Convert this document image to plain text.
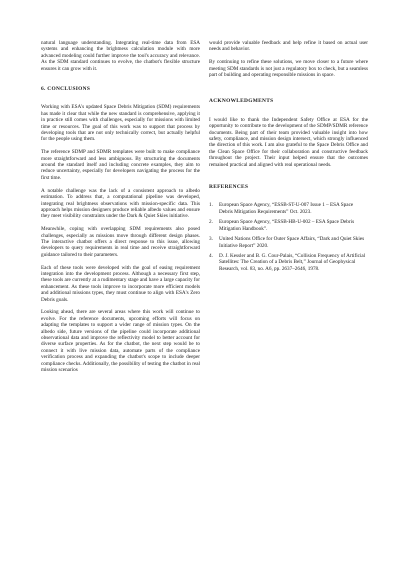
natural language understanding. Integrating real-time data from ESA systems and enhancing the brightness calculation module with more advanced modeling could further improve the tool's accuracy and relevance. As the SDM standard continues to evolve, the chatbot's flexible structure ensures it can grow with it.

6. CONCLUSIONS

Working with ESA's updated Space Debris Mitigation (SDM) requirements has made it clear that while the new standard is comprehensive, applying it in practice still comes with challenges, especially for missions with limited time or resources. The goal of this work was to support that process by developing tools that are not only technically correct, but actually helpful for the people using them.

The reference SDMP and SDMR templates were built to make compliance more straightforward and less ambiguous. By structuring the documents around the standard itself and including concrete examples, they aim to reduce uncertainty, especially for developers navigating the process for the first time.

A notable challenge was the lack of a consistent approach to albedo estimation. To address that, a computational pipeline was developed, integrating real brightness observations with mission-specific data. This approach helps mission designers produce reliable albedo values and ensure they meet visibility constraints under the Dark & Quiet Skies initiative.

Meanwhile, coping with overlapping SDM requirements also posed challenges, especially as missions move through different design phases. The interactive chatbot offers a direct response to this issue, allowing developers to query requirements in real time and receive straightforward guidance tailored to their parameters.

Each of these tools were developed with the goal of easing requirement integration into the development process. Although a necessary first step, these tools are currently at a rudimentary stage and have a large capacity for enhancement. As these tools improve to incorporate more efficient models and additional missions types, they must continue to align with ESA's Zero Debris goals.

Looking ahead, there are several areas where this work will continue to evolve. For the reference documents, upcoming efforts will focus on adapting the templates to support a wider range of mission types. On the albedo side, future versions of the pipeline could incorporate additional observational data and improve the reflectivity model to better account for diverse surface properties. As for the chatbot, the next step would be to connect it with live mission data, automate parts of the compliance verification process and expanding the chatbot's scope to include deeper compliance checks. Additionally, the possibility of testing the chatbot in real mission scenarios

would provide valuable feedback and help refine it based on actual user needs and behavior.

By continuing to refine these solutions, we move closer to a future where meeting SDM standards is not just a regulatory box to check, but a seamless part of building and operating responsible missions in space.

ACKNOWLEDGMENTS

I would like to thank the Independent Safety Office at ESA for the opportunity to contribute to the development of the SDMP/SDMR reference documents. Being part of their team provided valuable insight into how safety, compliance, and mission design intersect, which strongly influenced the direction of this work. I am also grateful to the Space Debris Office and the Clean Space Office for their collaboration and constructive feedback throughout the project. Their input helped ensure that the outcomes remained practical and aligned with real operational needs.

REFERENCES
1.	European Space Agency, “ESSB-ST-U-007 Issue 1 – ESA Space Debris Mitigation Requirements” Oct. 2023.
2.	European Space Agency, “ESSB-HB-U-002 – ESA Space Debris Mitigation Handbook”.
3.	United Nations Office for Outer Space Affairs, “Dark and Quiet Skies Initiative Report” 2020.
4.	D. J. Kessler and B. G. Cour-Palais, “Collision Frequency of Artificial Satellites: The Creation of a Debris Belt,” Journal of Geophysical Research, vol. 83, no. A6, pp. 2637–2646, 1978.
​
